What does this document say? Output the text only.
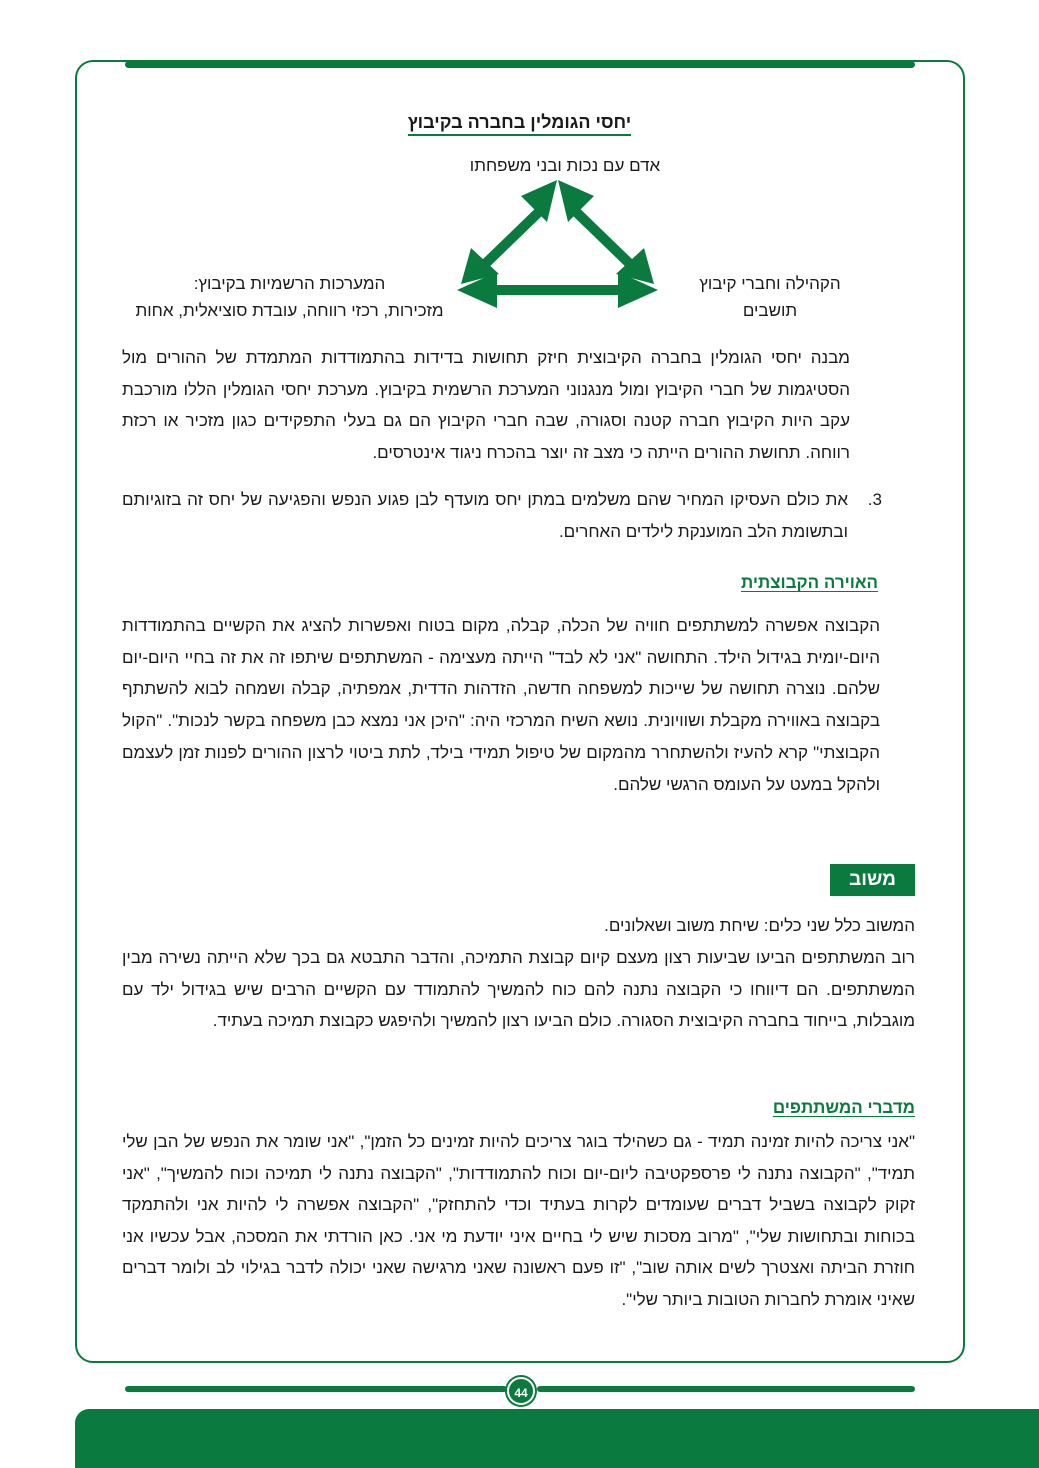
יחסי הגומלין בחברה בקיבוץ
אדם עם נכות ובני משפחתו
הקהילה וחברי קיבוץ
תושבים
המערכות הרשמיות בקיבוץ:
מזכירות, רכזי רווחה, עובדת סוציאלית, אחות
מבנה יחסי הגומלין בחברה הקיבוצית חיזק תחושות בדידות בהתמודדות המתמדת של ההורים מול הסטיגמות של חברי הקיבוץ ומול מנגנוני המערכת הרשמית בקיבוץ. מערכת יחסי הגומלין הללו מורכבת עקב היות הקיבוץ חברה קטנה וסגורה, שבה חברי הקיבוץ הם גם בעלי התפקידים כגון מזכיר או רכזת רווחה. תחושת ההורים הייתה כי מצב זה יוצר בהכרח ניגוד אינטרסים.
3.
את כולם העסיקו המחיר שהם משלמים במתן יחס מועדף לבן פגוע הנפש והפגיעה של יחס זה בזוגיותם ובתשומת הלב המוענקת לילדים האחרים.
האוירה הקבוצתית
הקבוצה אפשרה למשתתפים חוויה של הכלה, קבלה, מקום בטוח ואפשרות להציג את הקשיים בהתמודדות היום-יומית בגידול הילד. התחושה "אני לא לבד" הייתה מעצימה - המשתתפים שיתפו זה את זה בחיי היום-יום שלהם. נוצרה תחושה של שייכות למשפחה חדשה, הזדהות הדדית, אמפתיה, קבלה ושמחה לבוא להשתתף בקבוצה באווירה מקבלת ושוויונית. נושא השיח המרכזי היה: "היכן אני נמצא כבן משפחה בקשר לנכות". "הקול הקבוצתי" קרא להעיז ולהשתחרר מהמקום של טיפול תמידי בילד, לתת ביטוי לרצון ההורים לפנות זמן לעצמם ולהקל במעט על העומס הרגשי שלהם.
משוב
המשוב כלל שני כלים: שיחת משוב ושאלונים.
רוב המשתתפים הביעו שביעות רצון מעצם קיום קבוצת התמיכה, והדבר התבטא גם בכך שלא הייתה נשירה מבין המשתתפים. הם דיווחו כי הקבוצה נתנה להם כוח להמשיך להתמודד עם הקשיים הרבים שיש בגידול ילד עם מוגבלות, בייחוד בחברה הקיבוצית הסגורה. כולם הביעו רצון להמשיך ולהיפגש כקבוצת תמיכה בעתיד.
מדברי המשתתפים
"אני צריכה להיות זמינה תמיד - גם כשהילד בוגר צריכים להיות זמינים כל הזמן", "אני שומר את הנפש של הבן שלי תמיד", "הקבוצה נתנה לי פרספקטיבה ליום-יום וכוח להתמודדות", "הקבוצה נתנה לי תמיכה וכוח להמשיך", "אני זקוק לקבוצה בשביל דברים שעומדים לקרות בעתיד וכדי להתחזק", "הקבוצה אפשרה לי להיות אני ולהתמקד בכוחות ובתחושות שלי", "מרוב מסכות שיש לי בחיים איני יודעת מי אני. כאן הורדתי את המסכה, אבל עכשיו אני חוזרת הביתה ואצטרך לשים אותה שוב", "זו פעם ראשונה שאני מרגישה שאני יכולה לדבר בגילוי לב ולומר דברים שאיני אומרת לחברות הטובות ביותר שלי".
44
